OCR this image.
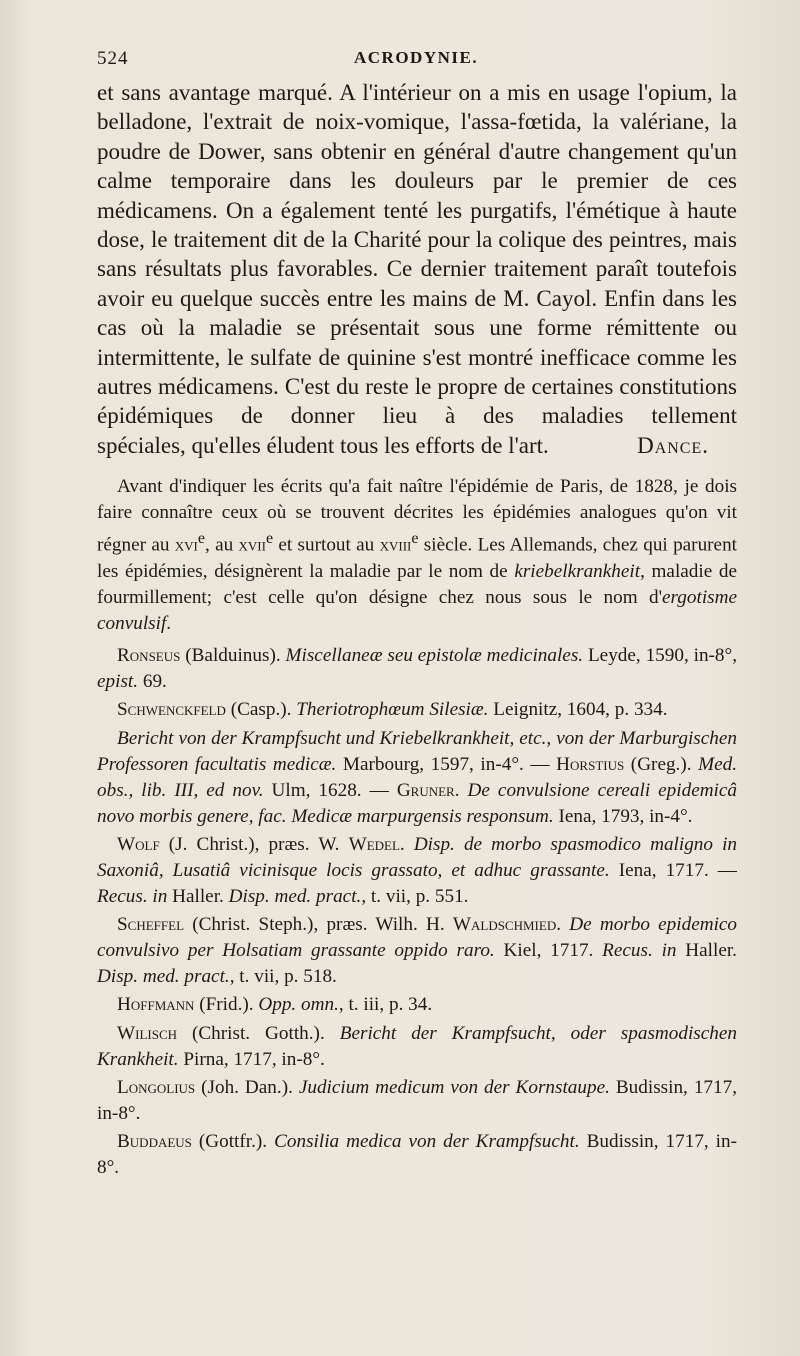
524	ACRODYNIE.

et sans avantage marqué. A l'intérieur on a mis en usage l'opium, la belladone, l'extrait de noix-vomique, l'assa-fœtida, la valériane, la poudre de Dower, sans obtenir en général d'autre changement qu'un calme temporaire dans les douleurs par le premier de ces médicamens. On a également tenté les purgatifs, l'émétique à haute dose, le traitement dit de la Charité pour la colique des peintres, mais sans résultats plus favorables. Ce dernier traitement paraît toutefois avoir eu quelque succès entre les mains de M. Cayol. Enfin dans les cas où la maladie se présentait sous une forme rémittente ou intermittente, le sulfate de quinine s'est montré inefficace comme les autres médicamens. C'est du reste le propre de certaines constitutions épidémiques de donner lieu à des maladies tellement

spéciales, qu'elles éludent tous les efforts de l'art.	Dance.

Avant d'indiquer les écrits qu'a fait naître l'épidémie de Paris, de 1828, je dois faire connaître ceux où se trouvent décrites les épidémies analogues qu'on vit régner au xvi$^e$, au xvii$^e$ et surtout au xviii$^e$ siècle. Les Allemands, chez qui parurent les épidémies, désignèrent la maladie par le nom de kriebelkrankheit, maladie de fourmillement; c'est celle qu'on désigne chez nous sous le nom d'ergotisme convulsif.

Ronseus (Balduinus). Miscellaneæ seu epistolæ medicinales. Leyde, 1590, in-8°, epist. 69.

Schwenckfeld (Casp.). Theriotrophœum Silesiæ. Leignitz, 1604, p. 334.

Bericht von der Krampfsucht und Kriebelkrankheit, etc., von der Marburgischen Professoren facultatis medicæ. Marbourg, 1597, in-4°. — Horstius (Greg.). Med. obs., lib. III, ed nov. Ulm, 1628. — Gruner. De convulsione cereali epidemicâ novo morbis genere, fac. Medicæ marpurgensis responsum. Iena, 1793, in-4°.

Wolf (J. Christ.), præs. W. Wedel. Disp. de morbo spasmodico maligno in Saxoniâ, Lusatiâ vicinisque locis grassato, et adhuc grassante. Iena, 1717. — Recus. in Haller. Disp. med. pract., t. vii, p. 551.

Scheffel (Christ. Steph.), præs. Wilh. H. Waldschmied. De morbo epidemico convulsivo per Holsatiam grassante oppido raro. Kiel, 1717. Recus. in Haller. Disp. med. pract., t. vii, p. 518.

Hoffmann (Frid.). Opp. omn., t. iii, p. 34.

Wilisch (Christ. Gotth.). Bericht der Krampfsucht, oder spasmodischen Krankheit. Pirna, 1717, in-8°.

Longolius (Joh. Dan.). Judicium medicum von der Kornstaupe. Budissin, 1717, in-8°.

Buddaeus (Gottfr.). Consilia medica von der Krampfsucht. Budissin, 1717, in-8°.
